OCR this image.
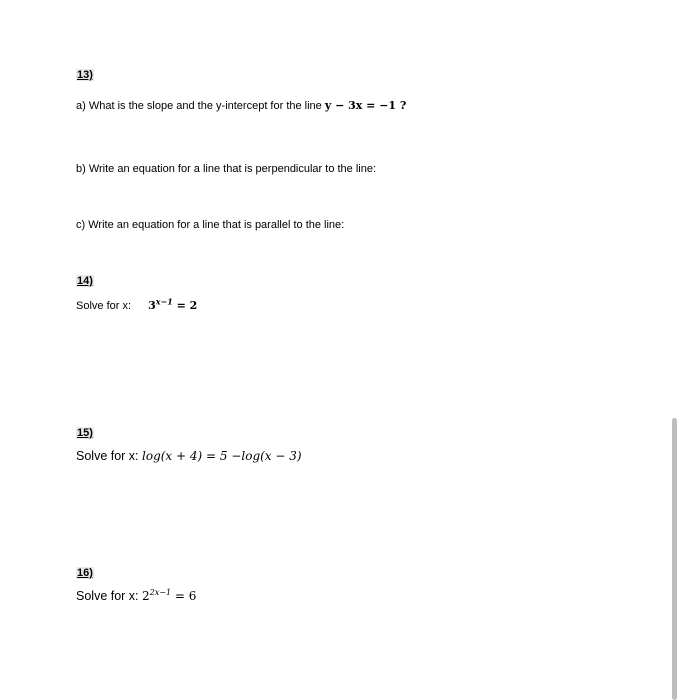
13)
a) What is the slope and the y-intercept for the line y − 3x = −1 ?
b) Write an equation for a line that is perpendicular to the line:
c) Write an equation for a line that is parallel to the line:
14)
Solve for x: $3^{x-1} = 2$
15)
Solve for x: log(x + 4) = 5 −log(x − 3)
16)
Solve for x: $2^{2x-1} = 6$
